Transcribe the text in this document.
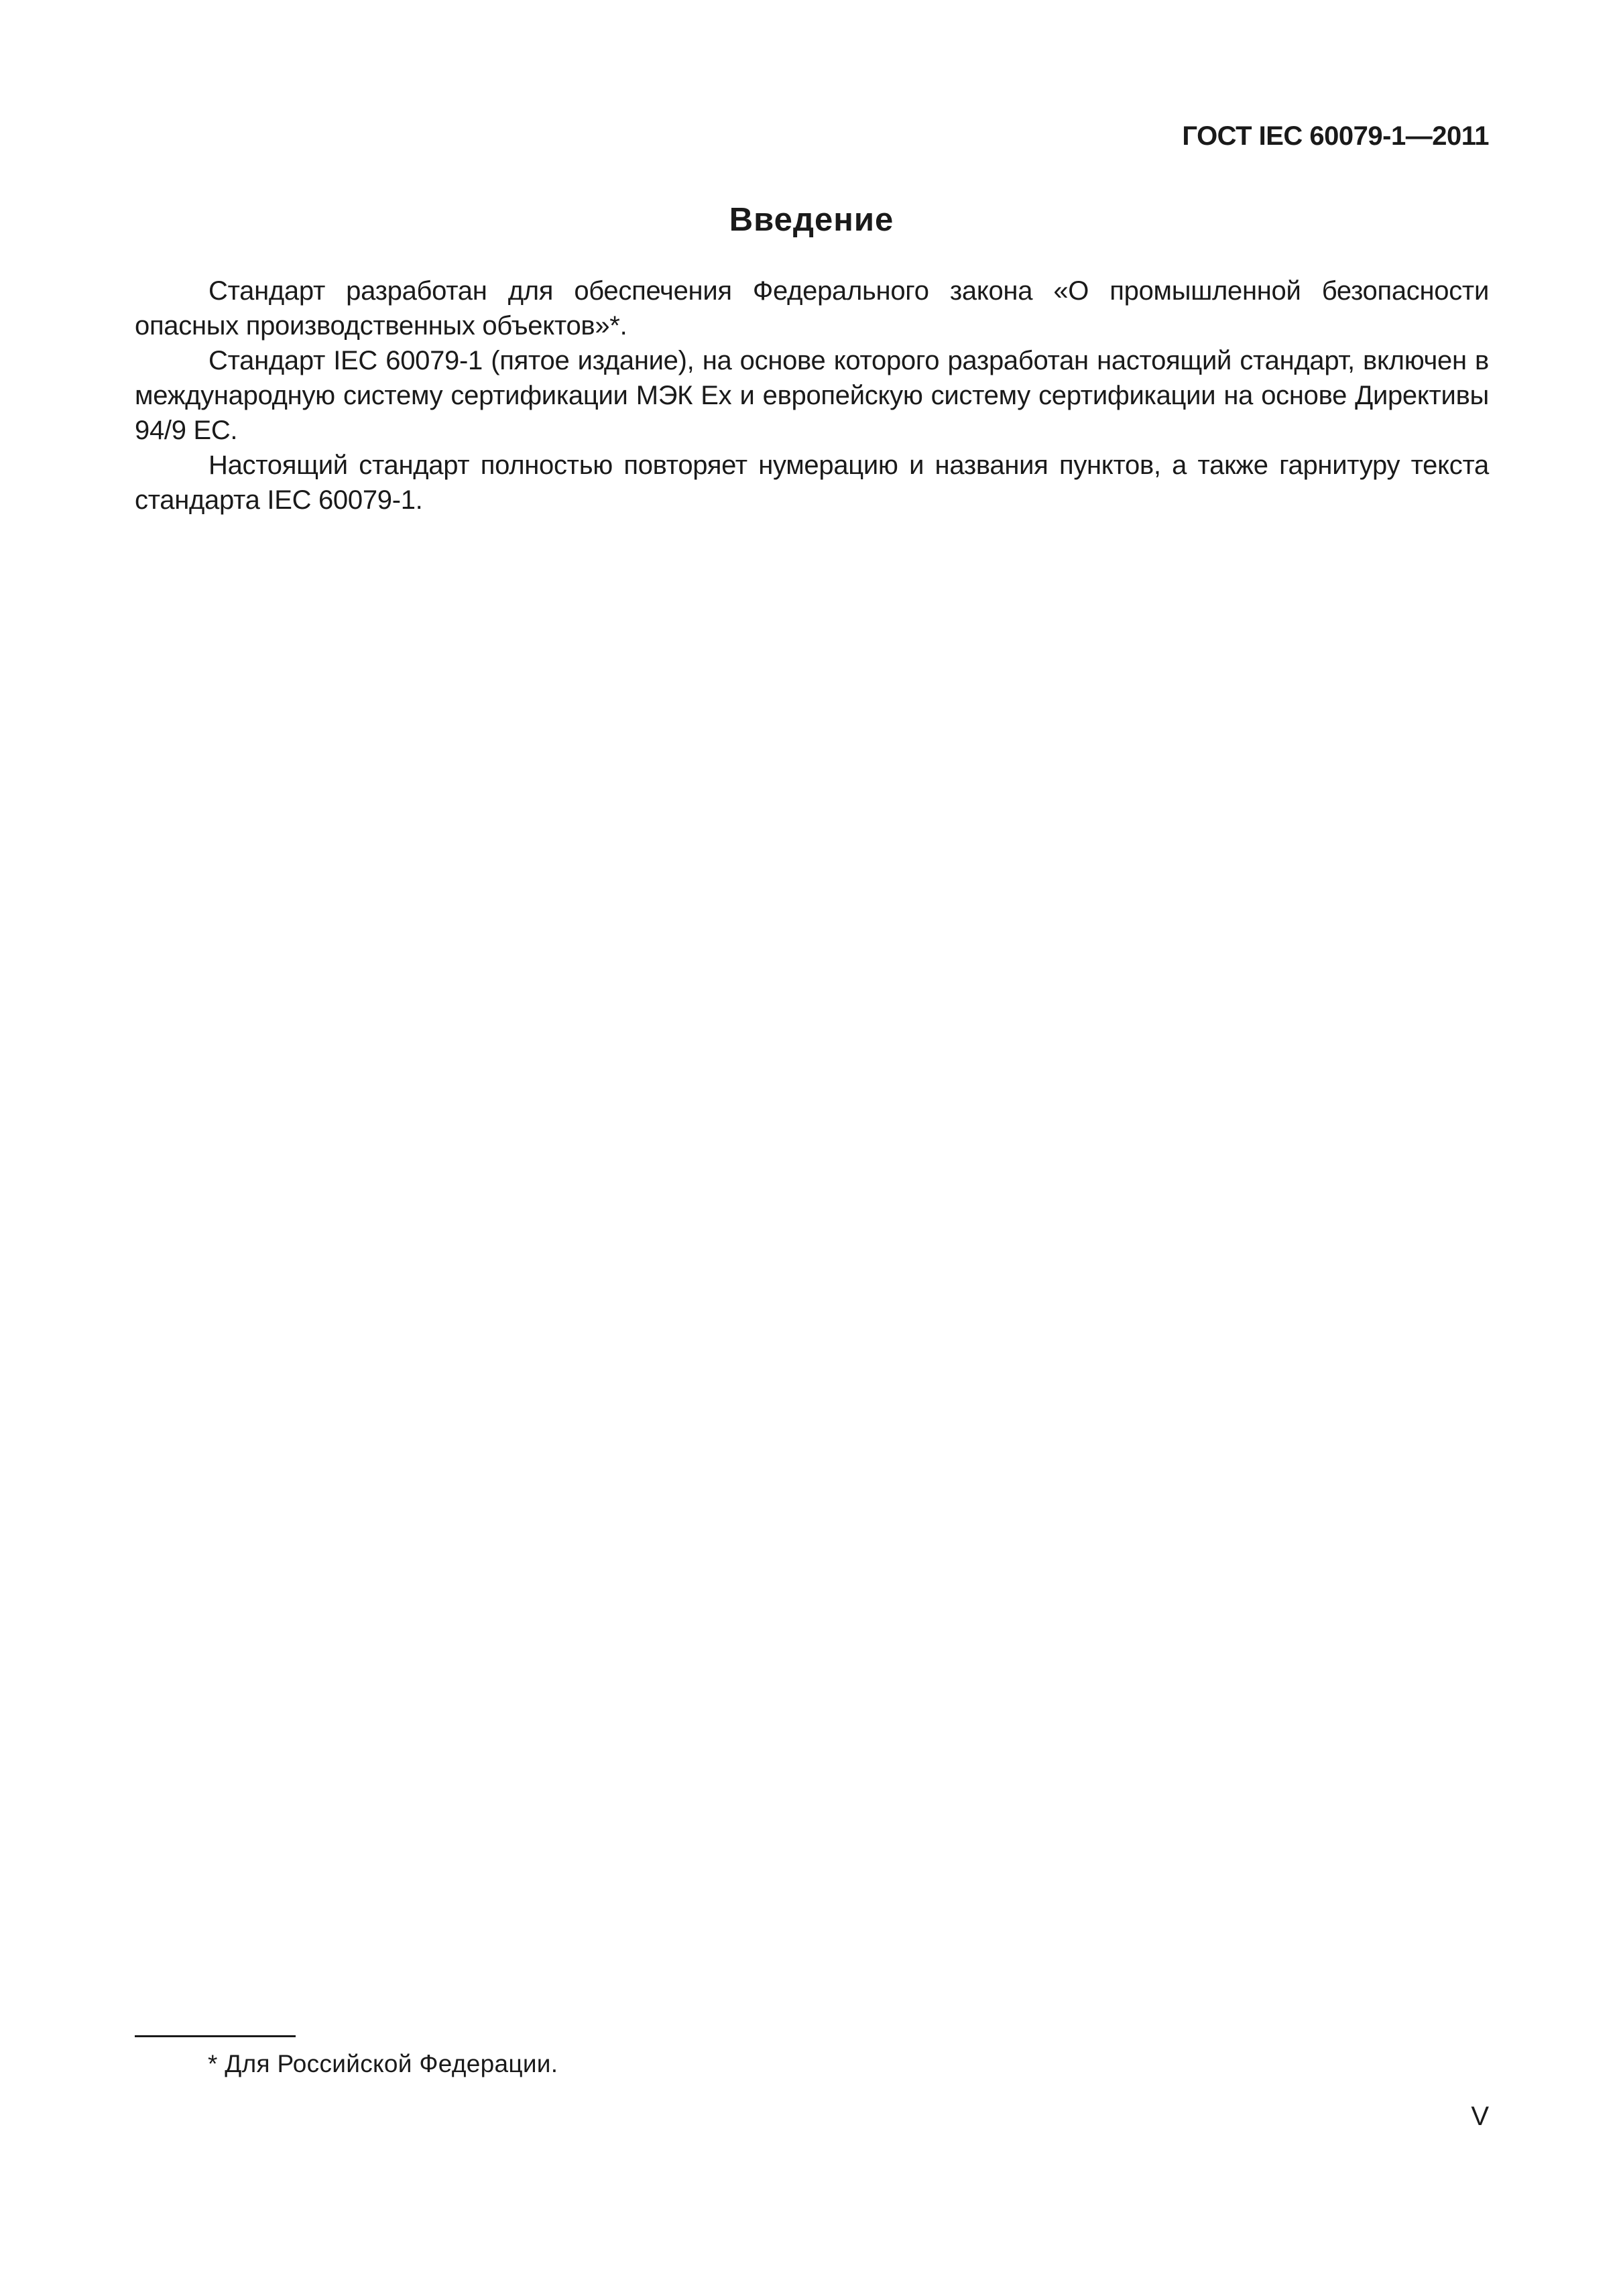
ГОСТ IEC 60079-1—2011
Введение

Стандарт разработан для обеспечения Федерального закона «О промышленной безопасности опасных производственных объектов»*.

Стандарт IEC 60079-1 (пятое издание), на основе которого разработан настоящий стандарт, включен в международную систему сертификации МЭК Ех и европейскую систему сертификации на основе Директивы 94/9 ЕС.

Настоящий стандарт полностью повторяет нумерацию и названия пунктов, а также гарнитуру текста стандарта IEC 60079-1.

* Для Российской Федерации.
V
